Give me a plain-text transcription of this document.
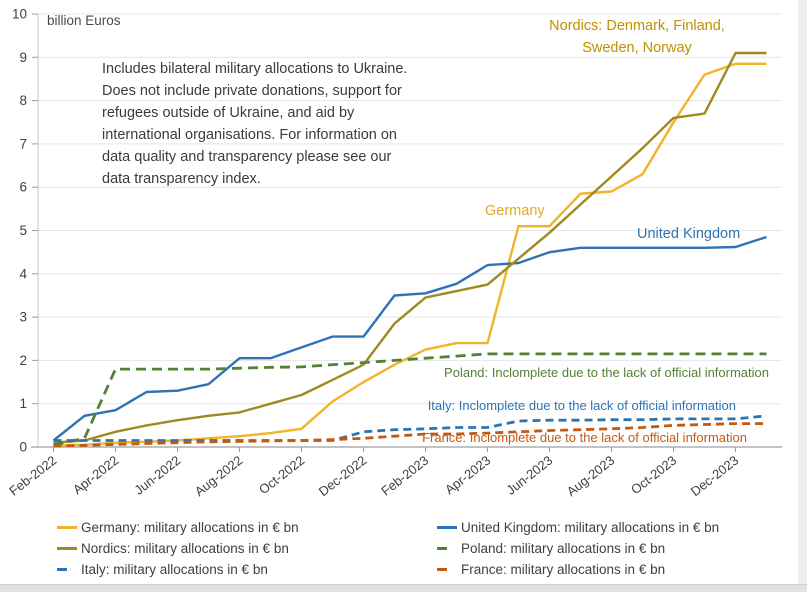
0
1
2
3
4
5
6
7
8
9
10
Feb-2022 Apr-2022 Jun-2022 Aug-2022 Oct-2022 Dec-2022 Feb-2023 Apr-2023 Jun-2023 Aug-2023 Oct-2023 Dec-2023
billion Euros
Includes bilateral military allocations to Ukraine.
Does not include private donations, support for
refugees outside of Ukraine, and aid by
international organisations. For information on
data quality and transparency please see our
data transparency index.
Nordics: Denmark, Finland,
Sweden, Norway
Germany
United Kingdom
Poland: Inclomplete due to the lack of official information
Italy: Inclomplete due to the lack of official information
France: Inclomplete due to the lack of official information
Germany: military allocations in € bn
Nordics: military allocations in € bn
Italy: military allocations in € bn
United Kingdom: military allocations in € bn
Poland: military allocations in € bn
France: military allocations in € bn
